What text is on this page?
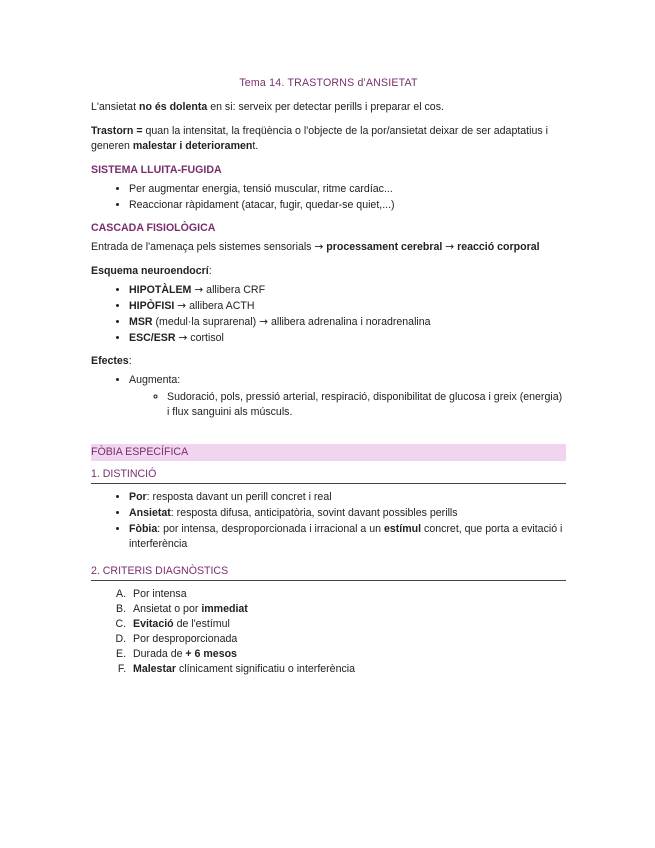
Tema 14. TRASTORNS d'ANSIETAT

L'ansietat no és dolenta en si: serveix per detectar perills i preparar el cos.

Trastorn = quan la intensitat, la freqüència o l'objecte de la por/ansietat deixar de ser adaptatius i generen malestar i deteriorament.

SISTEMA LLUITA-FUGIDA
• Per augmentar energia, tensió muscular, ritme cardíac...
• Reaccionar ràpidament (atacar, fugir, quedar-se quiet,...)
CASCADA FISIOLÒGICA

Entrada de l'amenaça pels sistemes sensorials → processament cerebral → reacció corporal

Esquema neuroendocrí:
• HIPOTÀLEM → allibera CRF
• HIPÒFISI → allibera ACTH
• MSR (medul·la suprarenal) → allibera adrenalina i noradrenalina
• ESC/ESR → cortisol
Efectes:
• Augmenta:
◦ Sudoració, pols, pressió arterial, respiració, disponibilitat de glucosa i greix (energia) i flux sanguini als músculs.
FÒBIA ESPECÍFICA
1. DISTINCIÓ
• Por: resposta davant un perill concret i real
• Ansietat: resposta difusa, anticipatòria, sovint davant possibles perills
• Fòbia: por intensa, desproporcionada i irracional a un estímul concret, que porta a evitació i interferència
2. CRITERIS DIAGNÒSTICS
A. Por intensa
B. Ansietat o por immediat
C. Evitació de l'estímul
D. Por desproporcionada
E. Durada de + 6 mesos
F. Malestar clínicament significatiu o interferència
